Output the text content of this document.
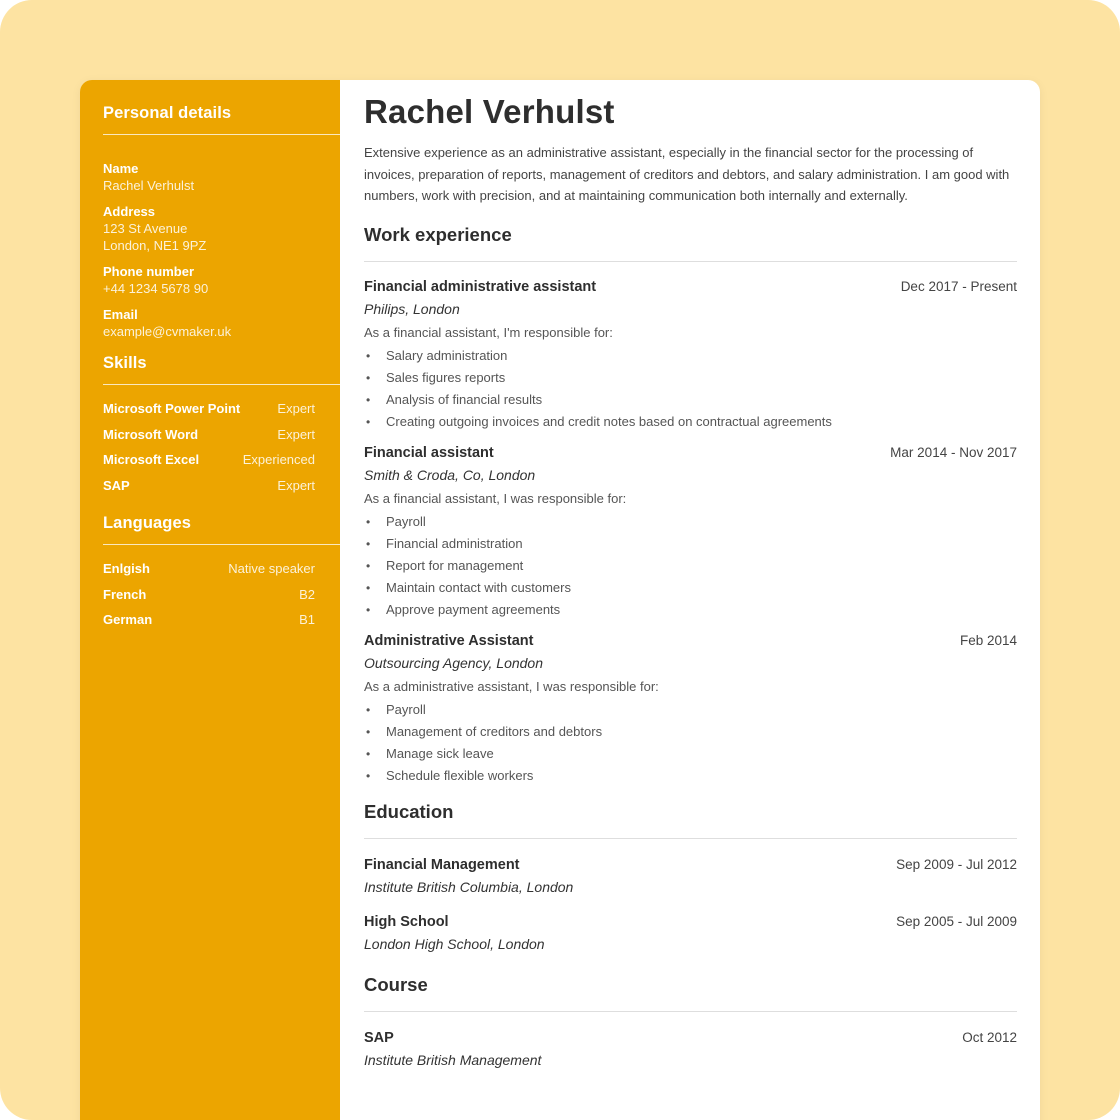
Personal details
Name
Rachel Verhulst
Address
123 St Avenue
London, NE1 9PZ
Phone number
+44 1234 5678 90
Email
example@cvmaker.uk
Skills
Microsoft Power Point	Expert
Microsoft Word	Expert
Microsoft Excel	Experienced
SAP	Expert
Languages
Enlgish	Native speaker
French	B2
German	B1
Rachel Verhulst

Extensive experience as an administrative assistant, especially in the financial sector for the processing of invoices, preparation of reports, management of creditors and debtors, and salary administration. I am good with numbers, work with precision, and at maintaining communication both internally and externally.

Work experience
Financial administrative assistant	Dec 2017 - Present
Philips, London
As a financial assistant, I'm responsible for:
• Salary administration
• Sales figures reports
• Analysis of financial results
• Creating outgoing invoices and credit notes based on contractual agreements
Financial assistant	Mar 2014 - Nov 2017
Smith & Croda, Co, London
As a financial assistant, I was responsible for:
• Payroll
• Financial administration
• Report for management
• Maintain contact with customers
• Approve payment agreements
Administrative Assistant	Feb 2014
Outsourcing Agency, London
As a administrative assistant, I was responsible for:
• Payroll
• Management of creditors and debtors
• Manage sick leave
• Schedule flexible workers
Education
Financial Management	Sep 2009 - Jul 2012
Institute British Columbia, London
High School	Sep 2005 - Jul 2009
London High School, London
Course
SAP	Oct 2012
Institute British Management
